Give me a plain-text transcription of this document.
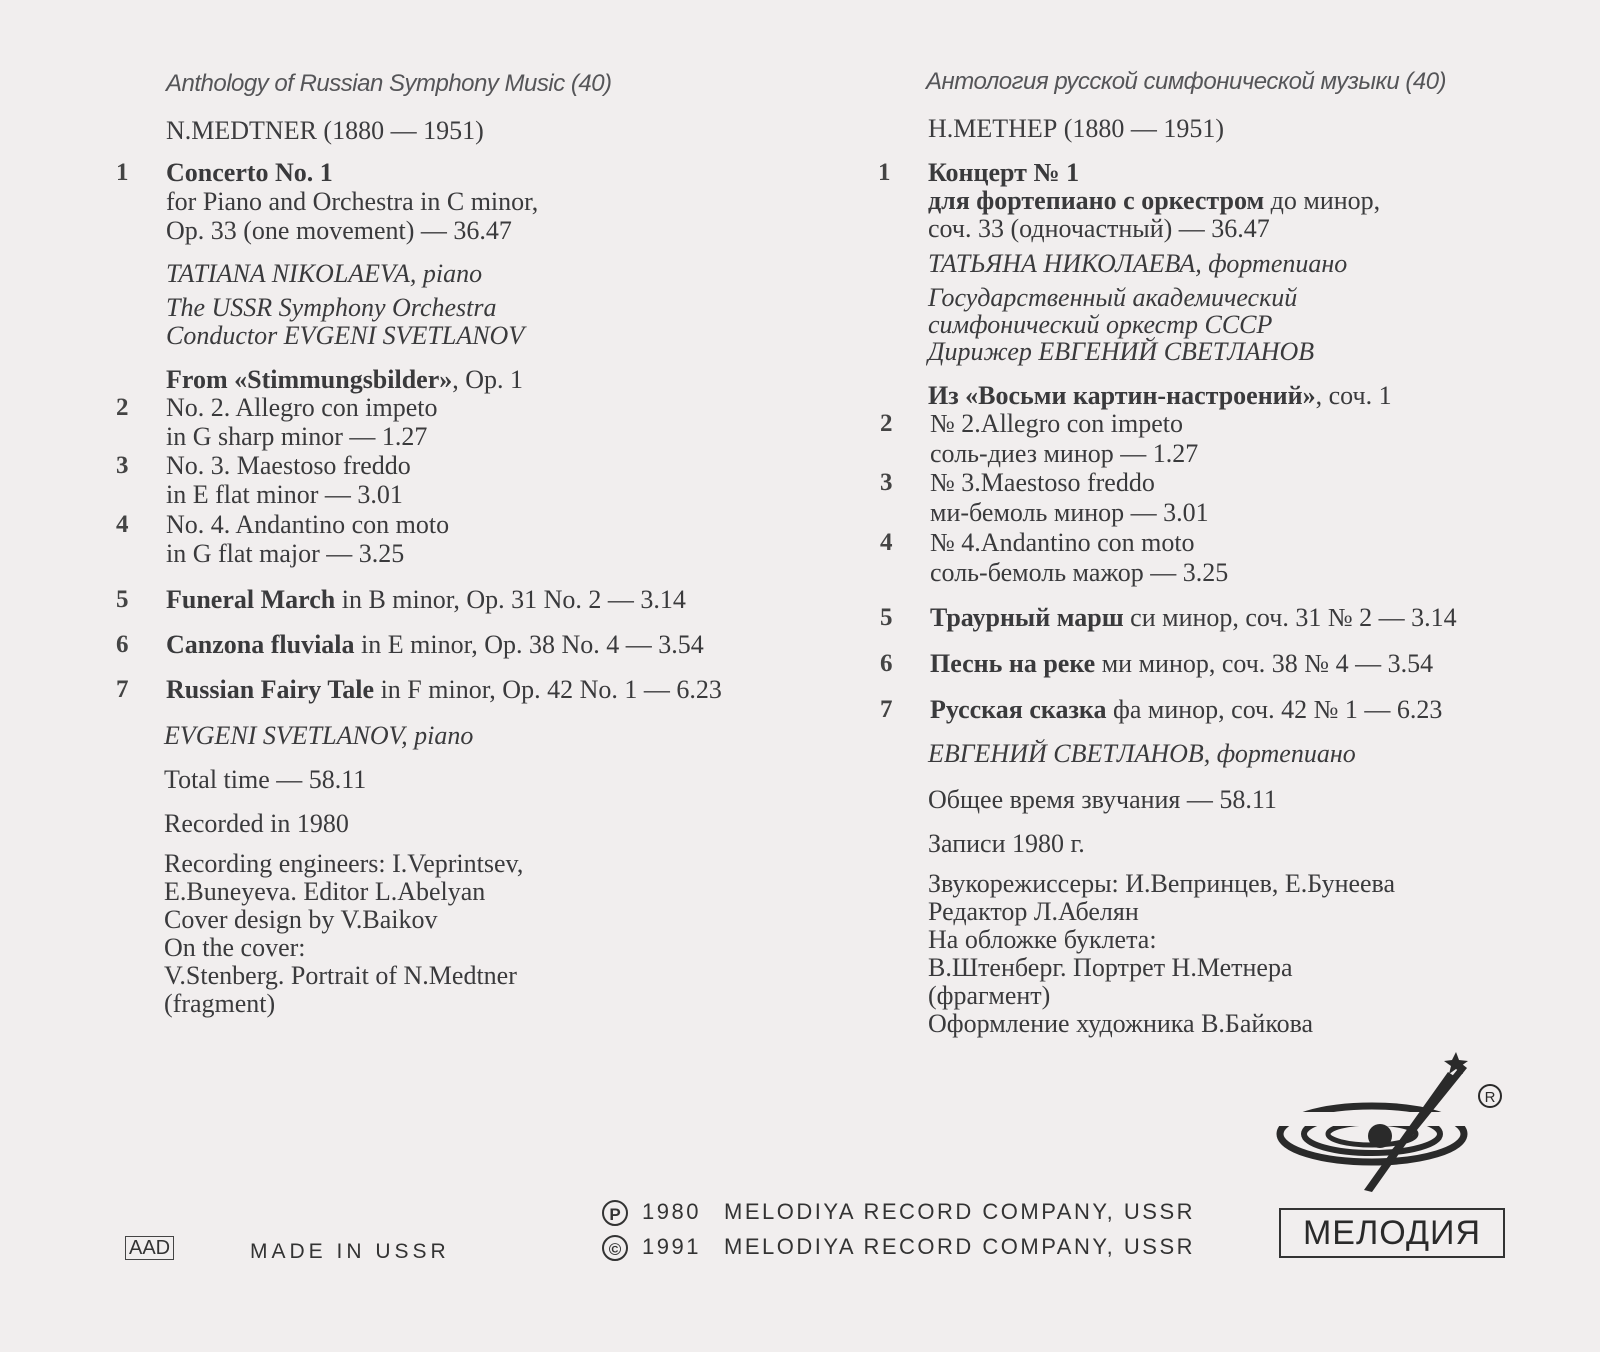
Anthology of Russian Symphony Music (40)
N.MEDTNER (1880 — 1951)
1 Concerto No. 1
for Piano and Orchestra in C minor,
Op. 33 (one movement) — 36.47
TATIANA NIKOLAEVA, piano
The USSR Symphony Orchestra
Conductor EVGENI SVETLANOV
From «Stimmungsbilder», Op. 1
2 No. 2. Allegro con impeto
in G sharp minor — 1.27
3 No. 3. Maestoso freddo
in E flat minor — 3.01
4 No. 4. Andantino con moto
in G flat major — 3.25
5 Funeral March in B minor, Op. 31 No. 2 — 3.14
6 Canzona fluviala in E minor, Op. 38 No. 4 — 3.54
7 Russian Fairy Tale in F minor, Op. 42 No. 1 — 6.23
EVGENI SVETLANOV, piano
Total time — 58.11
Recorded in 1980
Recording engineers: I.Veprintsev,
E.Buneyeva. Editor L.Abelyan
Cover design by V.Baikov
On the cover:
V.Stenberg. Portrait of N.Medtner
(fragment)
Антология русской симфонической музыки (40)
Н.МЕТНЕР (1880 — 1951)
1 Концерт № 1
для фортепиано с оркестром до минор,
соч. 33 (одночастный) — 36.47
ТАТЬЯНА НИКОЛАЕВА, фортепиано
Государственный академический
симфонический оркестр СССР
Дирижер ЕВГЕНИЙ СВЕТЛАНОВ
Из «Восьми картин-настроений», соч. 1
2 № 2.Allegro con impeto
соль-диез минор — 1.27
3 № 3.Maestoso freddo
ми-бемоль минор — 3.01
4 № 4.Andantino con moto
соль-бемоль мажор — 3.25
5 Траурный марш си минор, соч. 31 № 2 — 3.14
6 Песнь на реке ми минор, соч. 38 № 4 — 3.54
7 Русская сказка фа минор, соч. 42 № 1 — 6.23
ЕВГЕНИЙ СВЕТЛАНОВ, фортепиано
Общее время звучания — 58.11
Записи 1980 г.
Звукорежиссеры: И.Вепринцев, Е.Бунеева
Редактор Л.Абелян
На обложке буклета:
В.Штенберг. Портрет Н.Метнера
(фрагмент)
Оформление художника В.Байкова
AAD	MADE IN USSR
P 1980 MELODIYA RECORD COMPANY, USSR
© 1991 MELODIYA RECORD COMPANY, USSR
R
МЕЛОДИЯ
